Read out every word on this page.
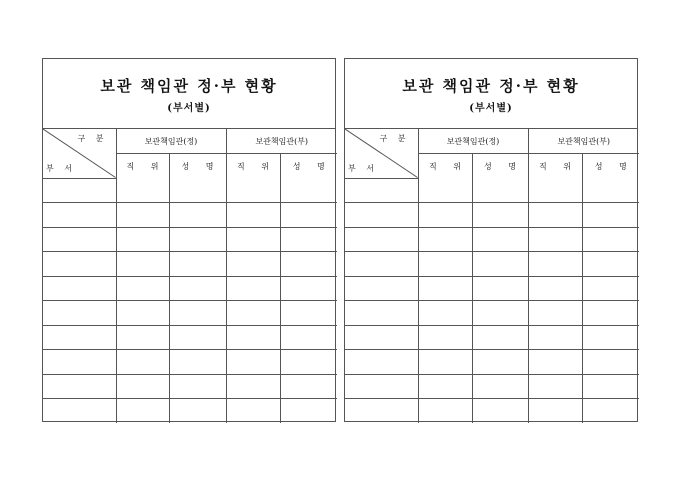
보관 책임관 정·부 현황
(부서별)
구 분
부 서	보관책임관(정)		보관책임관(부)	
	직 위	성 명	직 위	성 명

보관 책임관 정·부 현황
(부서별)
구 분
부 서	보관책임관(정)		보관책임관(부)	
	직 위	성 명	직 위	성 명
